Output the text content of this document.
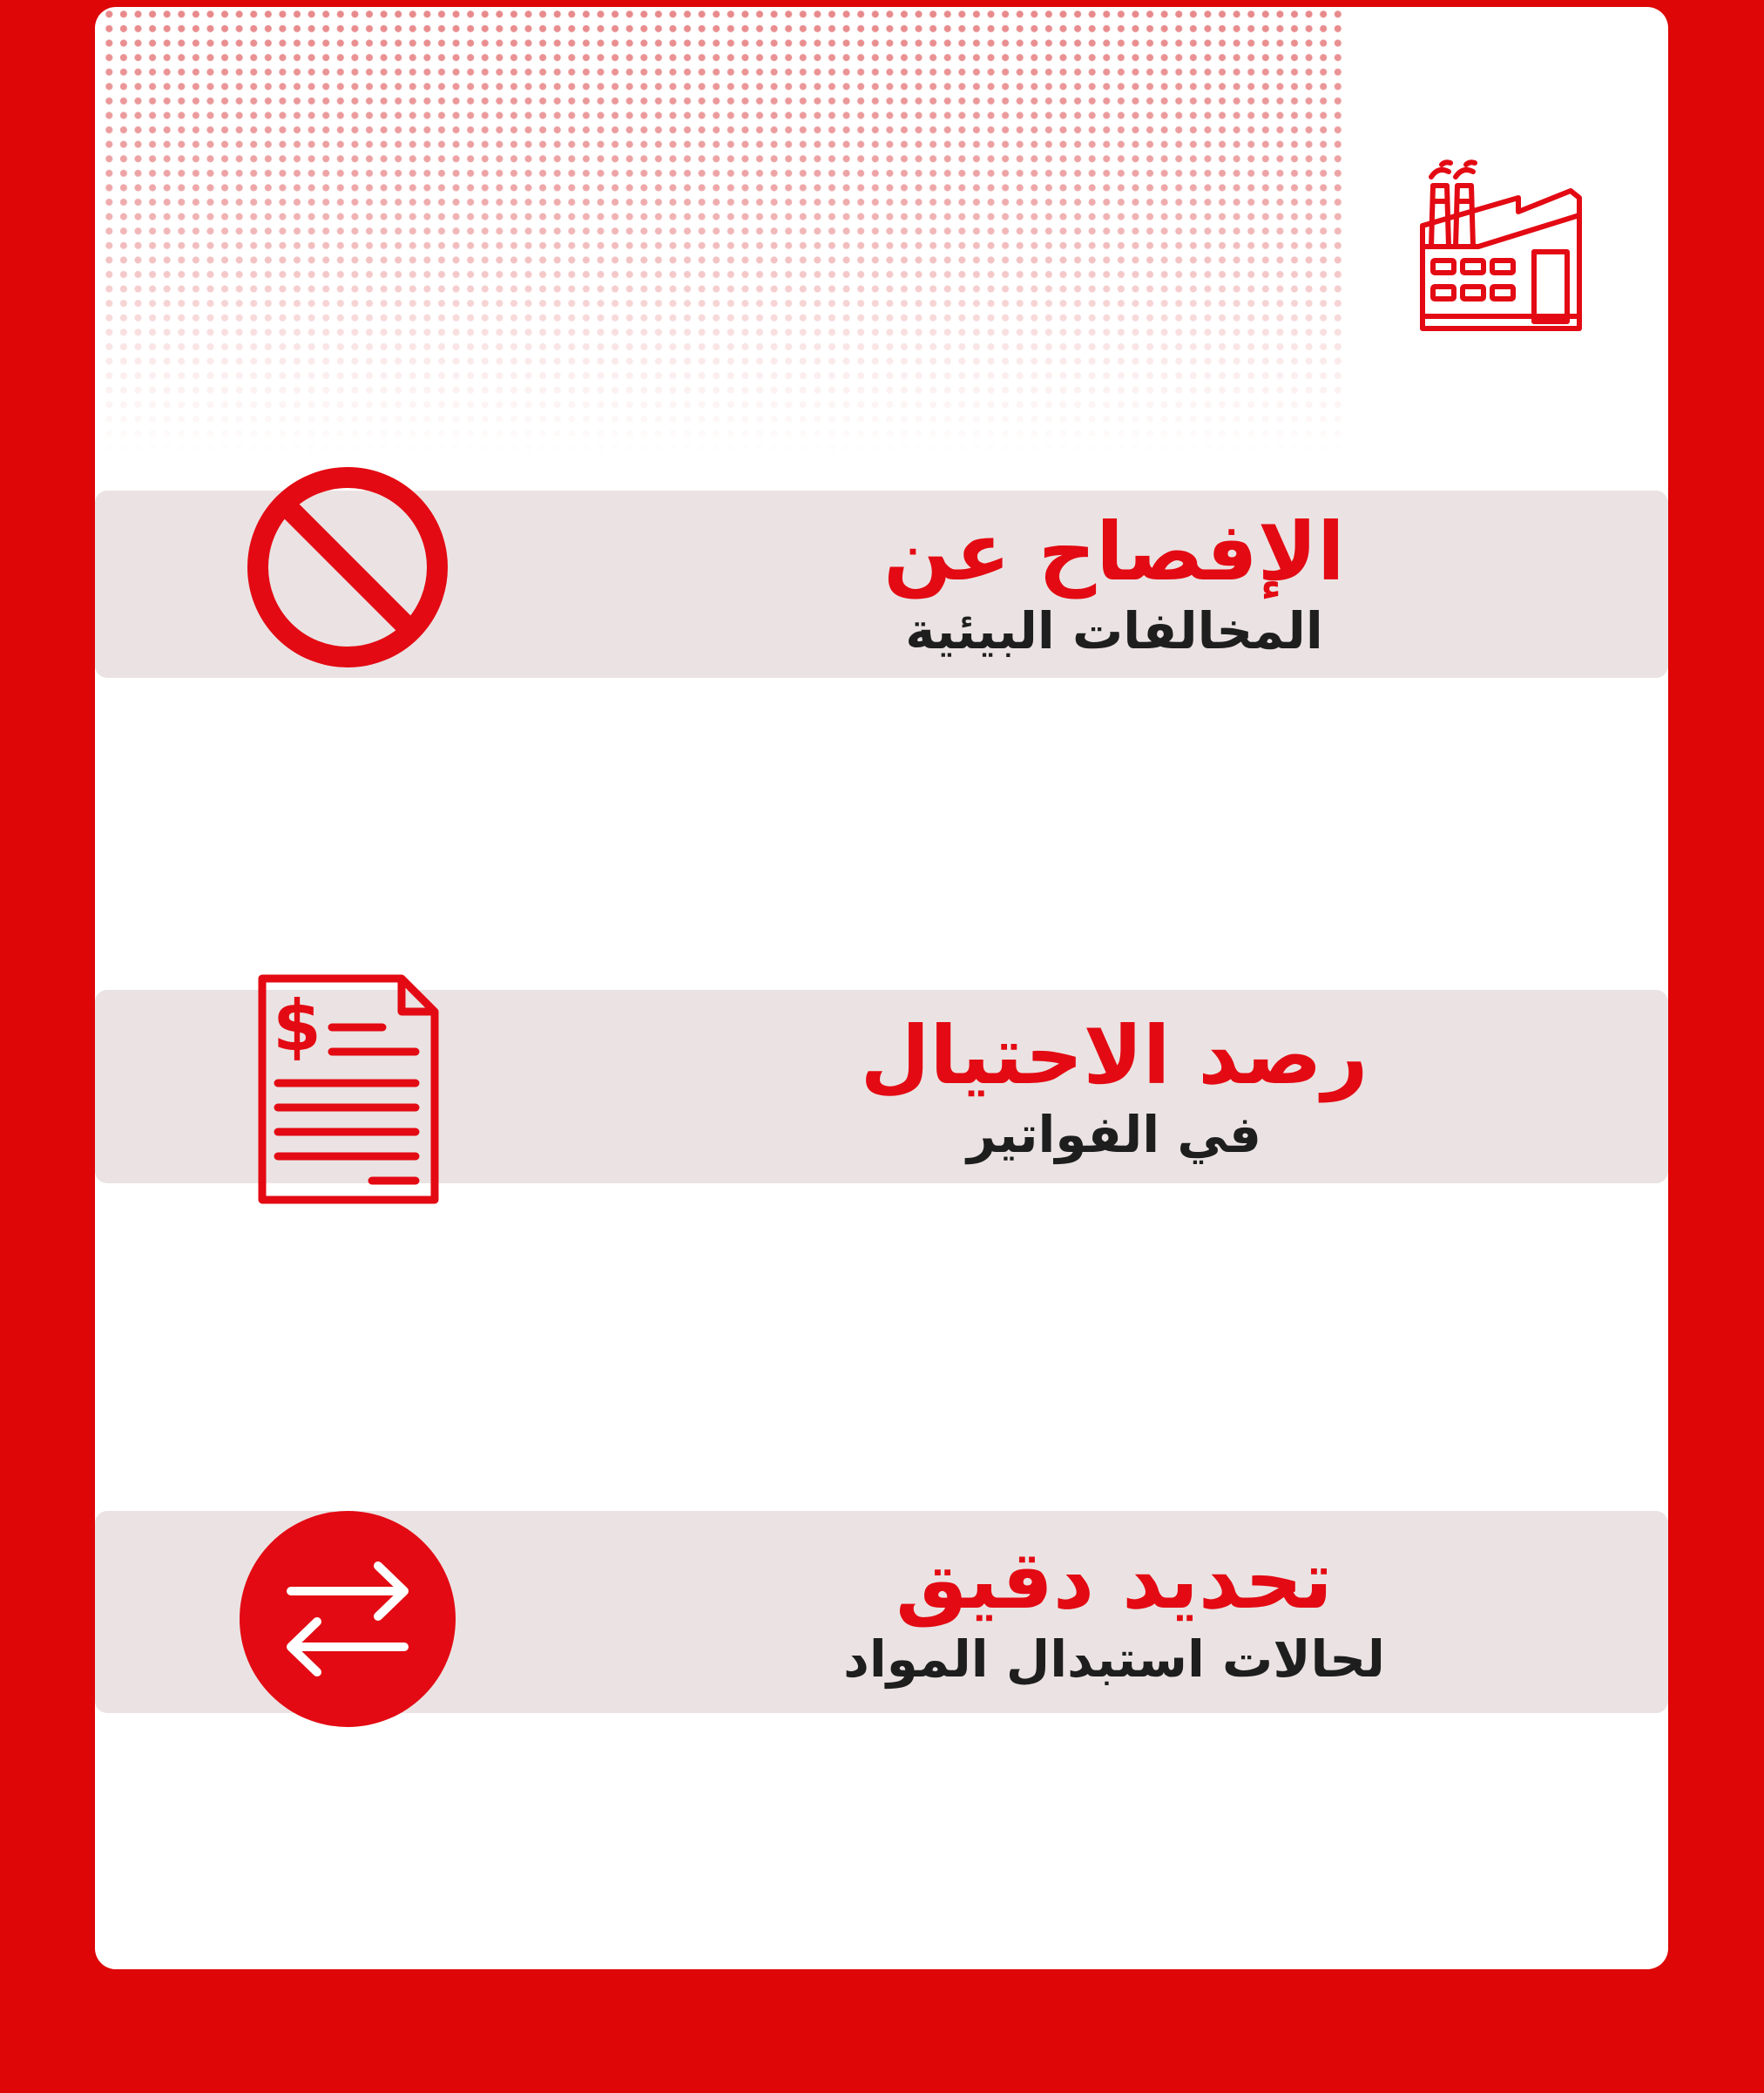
الإفصاح عن
المخالفات البيئية
$	رصد الاحتيال
في الفواتير
تحديد دقيق
لحالات استبدال المواد
